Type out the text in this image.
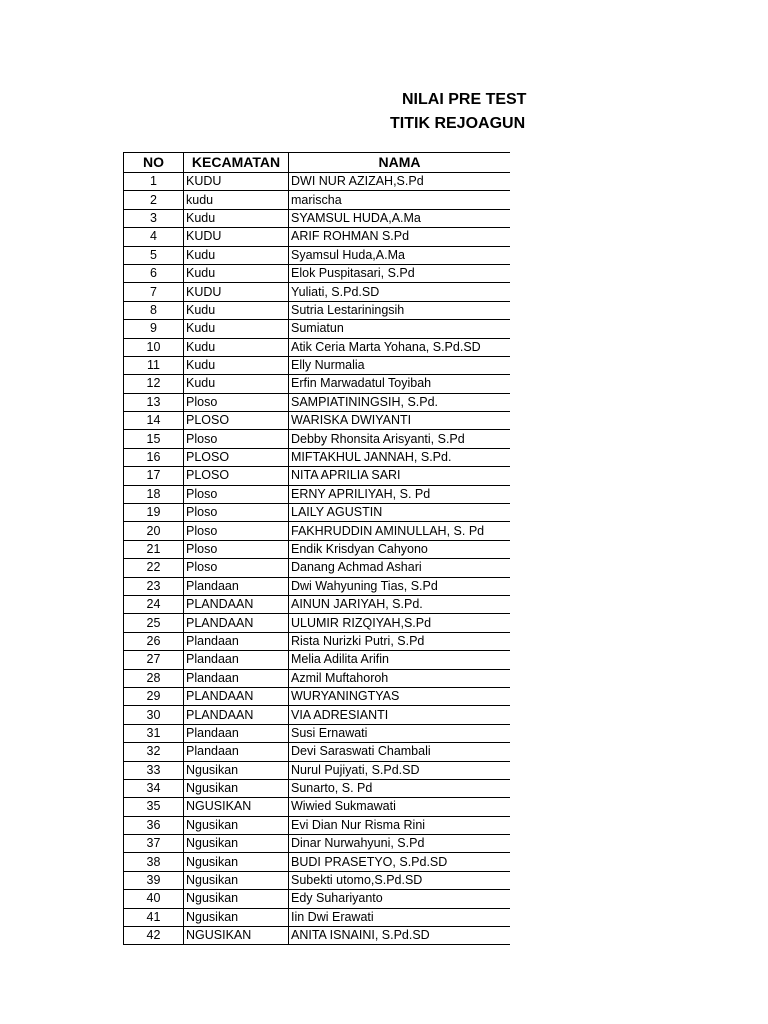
NILAI PRE TEST
TITIK REJOAGUN
NO	KECAMATAN	NAMA
1	KUDU	DWI NUR AZIZAH,S.Pd
2	kudu	marischa
3	Kudu	SYAMSUL HUDA,A.Ma
4	KUDU	ARIF ROHMAN S.Pd
5	Kudu	Syamsul Huda,A.Ma
6	Kudu	Elok Puspitasari, S.Pd
7	KUDU	Yuliati, S.Pd.SD
8	Kudu	Sutria Lestariningsih
9	Kudu	Sumiatun
10	Kudu	Atik Ceria Marta Yohana, S.Pd.SD
11	Kudu	Elly Nurmalia
12	Kudu	Erfin Marwadatul Toyibah
13	Ploso	SAMPIATININGSIH, S.Pd.
14	PLOSO	WARISKA DWIYANTI
15	Ploso	Debby Rhonsita Arisyanti, S.Pd
16	PLOSO	MIFTAKHUL JANNAH, S.Pd.
17	PLOSO	NITA APRILIA SARI
18	Ploso	ERNY APRILIYAH, S. Pd
19	Ploso	LAILY AGUSTIN
20	Ploso	FAKHRUDDIN AMINULLAH, S. Pd
21	Ploso	Endik Krisdyan Cahyono
22	Ploso	Danang Achmad Ashari
23	Plandaan	Dwi Wahyuning Tias, S.Pd
24	PLANDAAN	AINUN JARIYAH, S.Pd.
25	PLANDAAN	ULUMIR RIZQIYAH,S.Pd
26	Plandaan	Rista Nurizki Putri, S.Pd
27	Plandaan	Melia Adilita Arifin
28	Plandaan	Azmil Muftahoroh
29	PLANDAAN	WURYANINGTYAS
30	PLANDAAN	VIA ADRESIANTI
31	Plandaan	Susi Ernawati
32	Plandaan	Devi Saraswati Chambali
33	Ngusikan	Nurul Pujiyati, S.Pd.SD
34	Ngusikan	Sunarto, S. Pd
35	NGUSIKAN	Wiwied Sukmawati
36	Ngusikan	Evi Dian Nur Risma Rini
37	Ngusikan	Dinar Nurwahyuni, S.Pd
38	Ngusikan	BUDI PRASETYO, S.Pd.SD
39	Ngusikan	Subekti utomo,S.Pd.SD
40	Ngusikan	Edy Suhariyanto
41	Ngusikan	Iin Dwi Erawati
42	NGUSIKAN	ANITA ISNAINI, S.Pd.SD
